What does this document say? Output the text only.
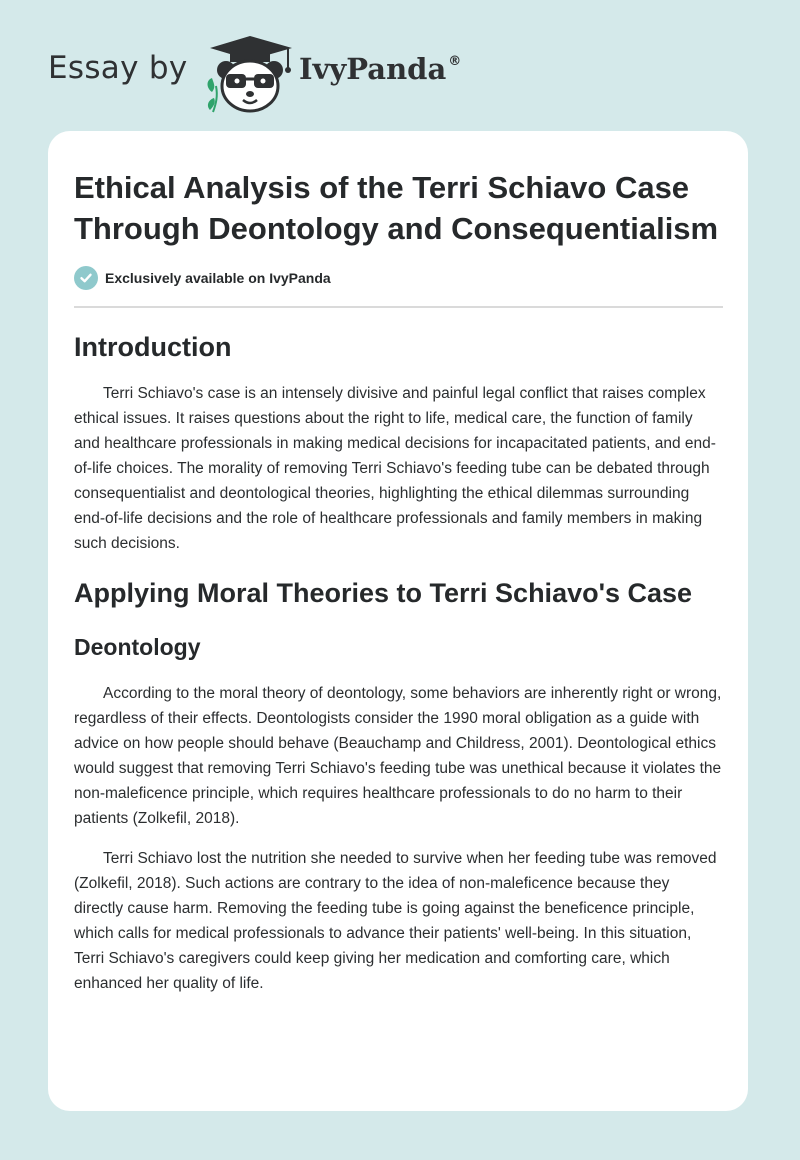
Essay by	IvyPanda ®
Ethical Analysis of the Terri Schiavo Case Through Deontology and Consequentialism
Exclusively available on IvyPanda
Introduction

Terri Schiavo's case is an intensely divisive and painful legal conflict that raises complex ethical issues. It raises questions about the right to life, medical care, the function of family and healthcare professionals in making medical decisions for incapacitated patients, and end-of-life choices. The morality of removing Terri Schiavo's feeding tube can be debated through consequentialist and deontological theories, highlighting the ethical dilemmas surrounding end-of-life decisions and the role of healthcare professionals and family members in making such decisions.

Applying Moral Theories to Terri Schiavo's Case
Deontology

According to the moral theory of deontology, some behaviors are inherently right or wrong, regardless of their effects. Deontologists consider the 1990 moral obligation as a guide with advice on how people should behave (Beauchamp and Childress, 2001). Deontological ethics would suggest that removing Terri Schiavo's feeding tube was unethical because it violates the non-maleficence principle, which requires healthcare professionals to do no harm to their patients (Zolkefil, 2018).

Terri Schiavo lost the nutrition she needed to survive when her feeding tube was removed (Zolkefil, 2018). Such actions are contrary to the idea of non-maleficence because they directly cause harm. Removing the feeding tube is going against the beneficence principle, which calls for medical professionals to advance their patients' well-being. In this situation, Terri Schiavo's caregivers could keep giving her medication and comforting care, which enhanced her quality of life.
